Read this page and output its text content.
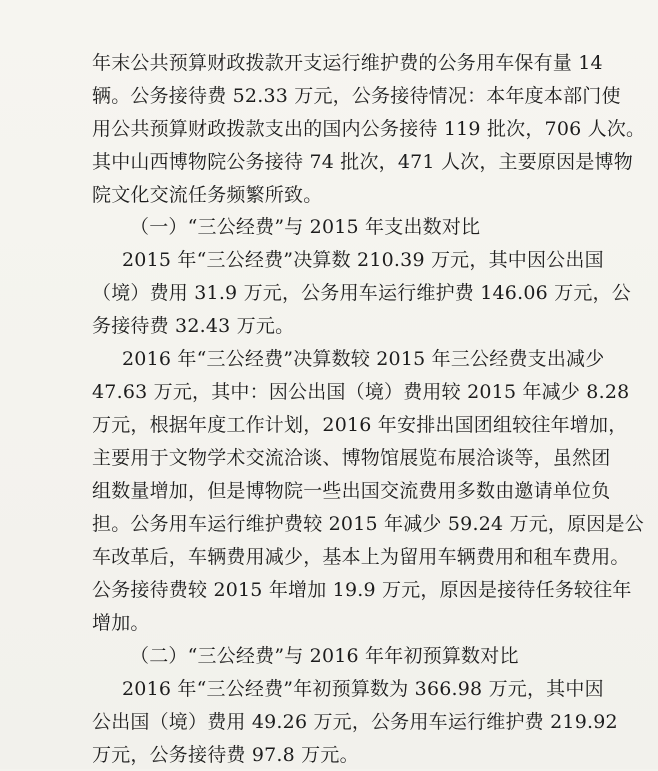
年末公共预算财政拨款开支运行维护费的公务用车保有量 14
辆。公务接待费 52.33 万元，公务接待情况：本年度本部门使
用公共预算财政拨款支出的国内公务接待 119 批次，706 人次。
其中山西博物院公务接待 74 批次，471 人次，主要原因是博物
院文化交流任务频繁所致。
（一）“三公经费”与 2015 年支出数对比
2015 年“三公经费”决算数 210.39 万元，其中因公出国
（境）费用 31.9 万元，公务用车运行维护费 146.06 万元，公
务接待费 32.43 万元。
2016 年“三公经费”决算数较 2015 年三公经费支出减少
47.63 万元，其中：因公出国（境）费用较 2015 年减少 8.28
万元，根据年度工作计划，2016 年安排出国团组较往年增加，
主要用于文物学术交流洽谈、博物馆展览布展洽谈等，虽然团
组数量增加，但是博物院一些出国交流费用多数由邀请单位负
担。公务用车运行维护费较 2015 年减少 59.24 万元，原因是公
车改革后，车辆费用减少，基本上为留用车辆费用和租车费用。
公务接待费较 2015 年增加 19.9 万元，原因是接待任务较往年
增加。
（二）“三公经费”与 2016 年年初预算数对比
2016 年“三公经费”年初预算数为 366.98 万元，其中因
公出国（境）费用 49.26 万元，公务用车运行维护费 219.92
万元，公务接待费 97.8 万元。
